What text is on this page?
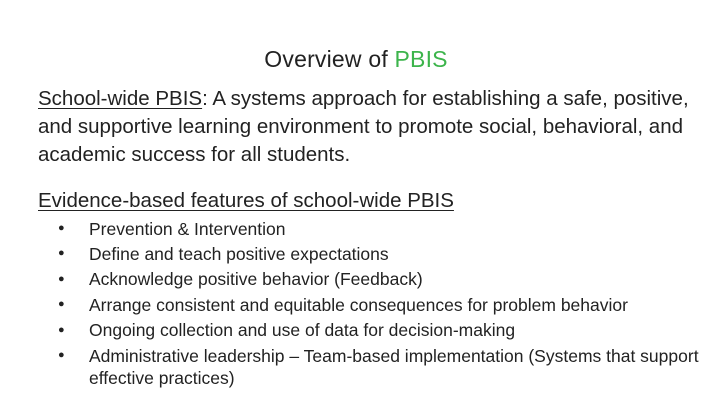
Overview of PBIS
School-wide PBIS: A systems approach for establishing a safe, positive, and supportive learning environment to promote social, behavioral, and academic success for all students.
Evidence-based features of school-wide PBIS
● Prevention & Intervention
● Define and teach positive expectations
● Acknowledge positive behavior (Feedback)
● Arrange consistent and equitable consequences for problem behavior
● Ongoing collection and use of data for decision-making
● Administrative leadership – Team-based implementation (Systems that support effective practices)
